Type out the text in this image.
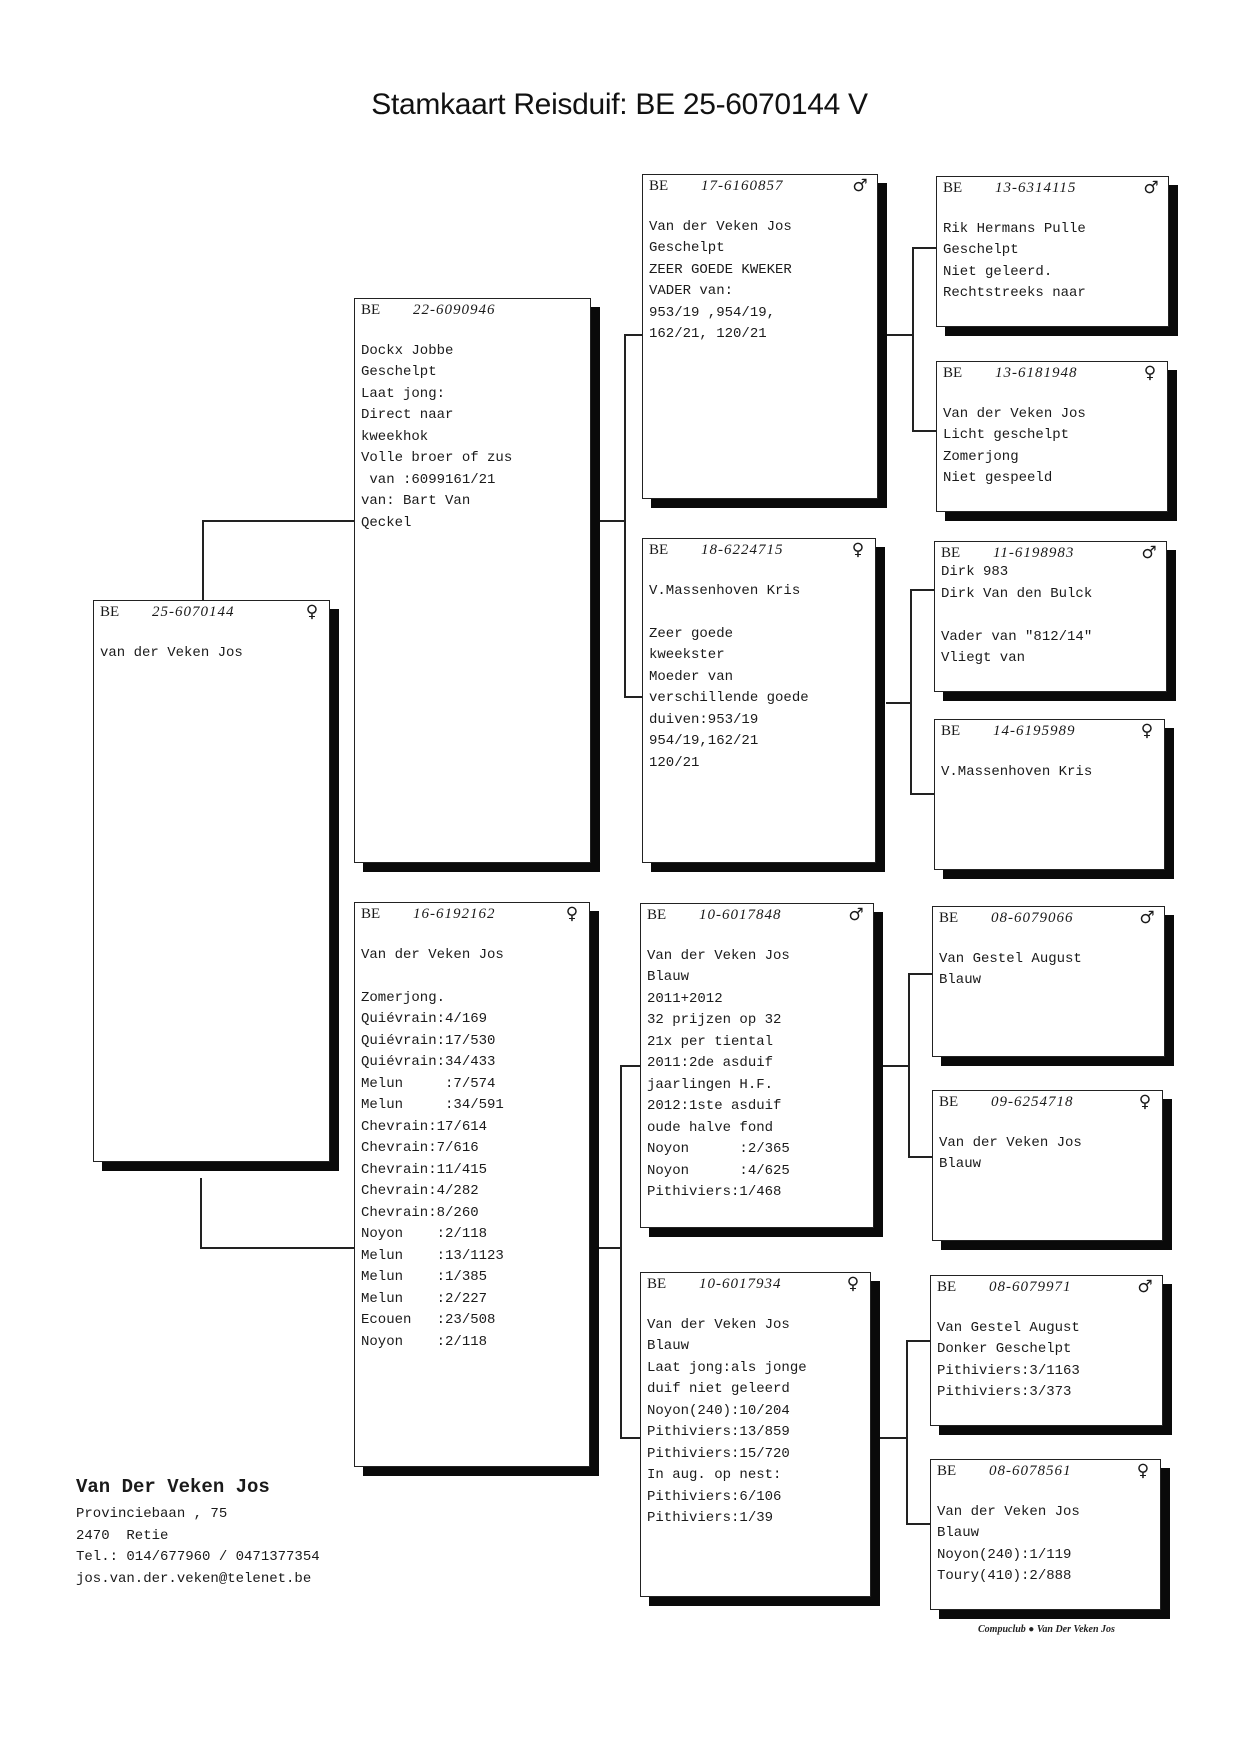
Stamkaart Reisduif: BE 25-6070144 V
BE	25-6070144	♀
van der Veken Jos
BE	22-6090946
Dockx Jobbe
Geschelpt
Laat jong:
Direct naar
kweekhok
Volle broer of zus
van :6099161/21
van: Bart Van
Qeckel
BE	16-6192162	♀
Van der Veken Jos
Zomerjong.
Quiévrain:4/169
Quiévrain:17/530
Quiévrain:34/433
Melun     :7/574
Melun     :34/591
Chevrain:17/614
Chevrain:7/616
Chevrain:11/415
Chevrain:4/282
Chevrain:8/260
Noyon    :2/118
Melun    :13/1123
Melun    :1/385
Melun    :2/227
Ecouen   :23/508
Noyon    :2/118
BE	17-6160857	♂
Van der Veken Jos
Geschelpt
ZEER GOEDE KWEKER
VADER van:
953/19 ,954/19,
162/21, 120/21
BE	18-6224715	♀
V.Massenhoven Kris
Zeer goede
kweekster
Moeder van
verschillende goede
duiven:953/19
954/19,162/21
120/21
BE	10-6017848	♂
Van der Veken Jos
Blauw
2011+2012
32 prijzen op 32
21x per tiental
2011:2de asduif
jaarlingen H.F.
2012:1ste asduif
oude halve fond
Noyon      :2/365
Noyon      :4/625
Pithiviers:1/468
BE	10-6017934	♀
Van der Veken Jos
Blauw
Laat jong:als jonge
duif niet geleerd
Noyon(240):10/204
Pithiviers:13/859
Pithiviers:15/720
In aug. op nest:
Pithiviers:6/106
Pithiviers:1/39
BE	13-6314115	♂
Rik Hermans Pulle
Geschelpt
Niet geleerd.
Rechtstreeks naar
BE	13-6181948	♀
Van der Veken Jos
Licht geschelpt
Zomerjong
Niet gespeeld
BE	11-6198983	♂
Dirk 983
Dirk Van den Bulck
Vader van "812/14"
Vliegt van
BE	14-6195989	♀
V.Massenhoven Kris
BE	08-6079066	♂
Van Gestel August
Blauw
BE	09-6254718	♀
Van der Veken Jos
Blauw
BE	08-6079971	♂
Van Gestel August
Donker Geschelpt
Pithiviers:3/1163
Pithiviers:3/373
BE	08-6078561	♀
Van der Veken Jos
Blauw
Noyon(240):1/119
Toury(410):2/888
Van Der Veken Jos
Provinciebaan , 75
2470  Retie
Tel.: 014/677960 / 0471377354
jos.van.der.veken@telenet.be
Compuclub ● Van Der Veken Jos
